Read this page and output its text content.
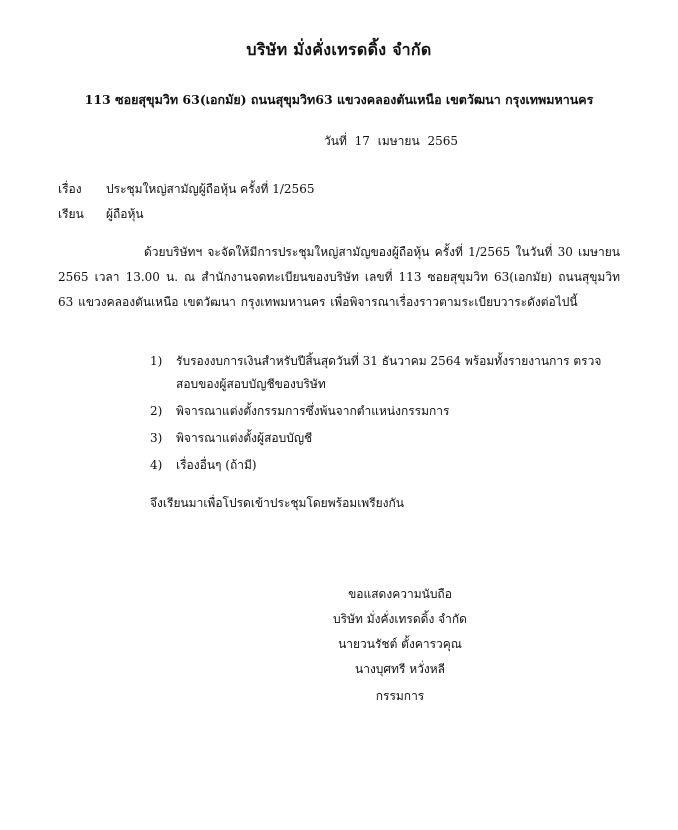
บริษัท มั่งคั่งเทรดดิ้ง จำกัด
113 ซอยสุขุมวิท 63(เอกมัย) ถนนสุขุมวิท63 แขวงคลองตันเหนือ เขตวัฒนา กรุงเทพมหานคร
วันที่ 17 เมษายน 2565
เรื่อง ประชุมใหญ่สามัญผู้ถือหุ้น ครั้งที่ 1/2565
เรียน ผู้ถือหุ้น
ด้วยบริษัทฯ จะจัดให้มีการประชุมใหญ่สามัญของผู้ถือหุ้น ครั้งที่ 1/2565 ในวันที่ 30 เมษายน 2565 เวลา 13.00 น. ณ สำนักงานจดทะเบียนของบริษัท เลขที่ 113 ซอยสุขุมวิท 63(เอกมัย) ถนนสุขุมวิท 63 แขวงคลองตันเหนือ เขตวัฒนา กรุงเทพมหานคร เพื่อพิจารณาเรื่องราวตามระเบียบวาระดังต่อไปนี้
1)	รับรองงบการเงินสำหรับปีสิ้นสุดวันที่ 31 ธันวาคม 2564 พร้อมทั้งรายงานการ ตรวจสอบของผู้สอบบัญชีของบริษัท
2)	พิจารณาแต่งตั้งกรรมการซึ่งพ้นจากตำแหน่งกรรมการ
3)	พิจารณาแต่งตั้งผู้สอบบัญชี
4)	เรื่องอื่นๆ (ถ้ามี)
จึงเรียนมาเพื่อโปรดเข้าประชุมโดยพร้อมเพรียงกัน
ขอแสดงความนับถือ
บริษัท มั่งคั่งเทรดดิ้ง จำกัด
นายวนรัชต์ ตั้งคารวคุณ
นางบุศทรี หวั่งหลี
กรรมการ
